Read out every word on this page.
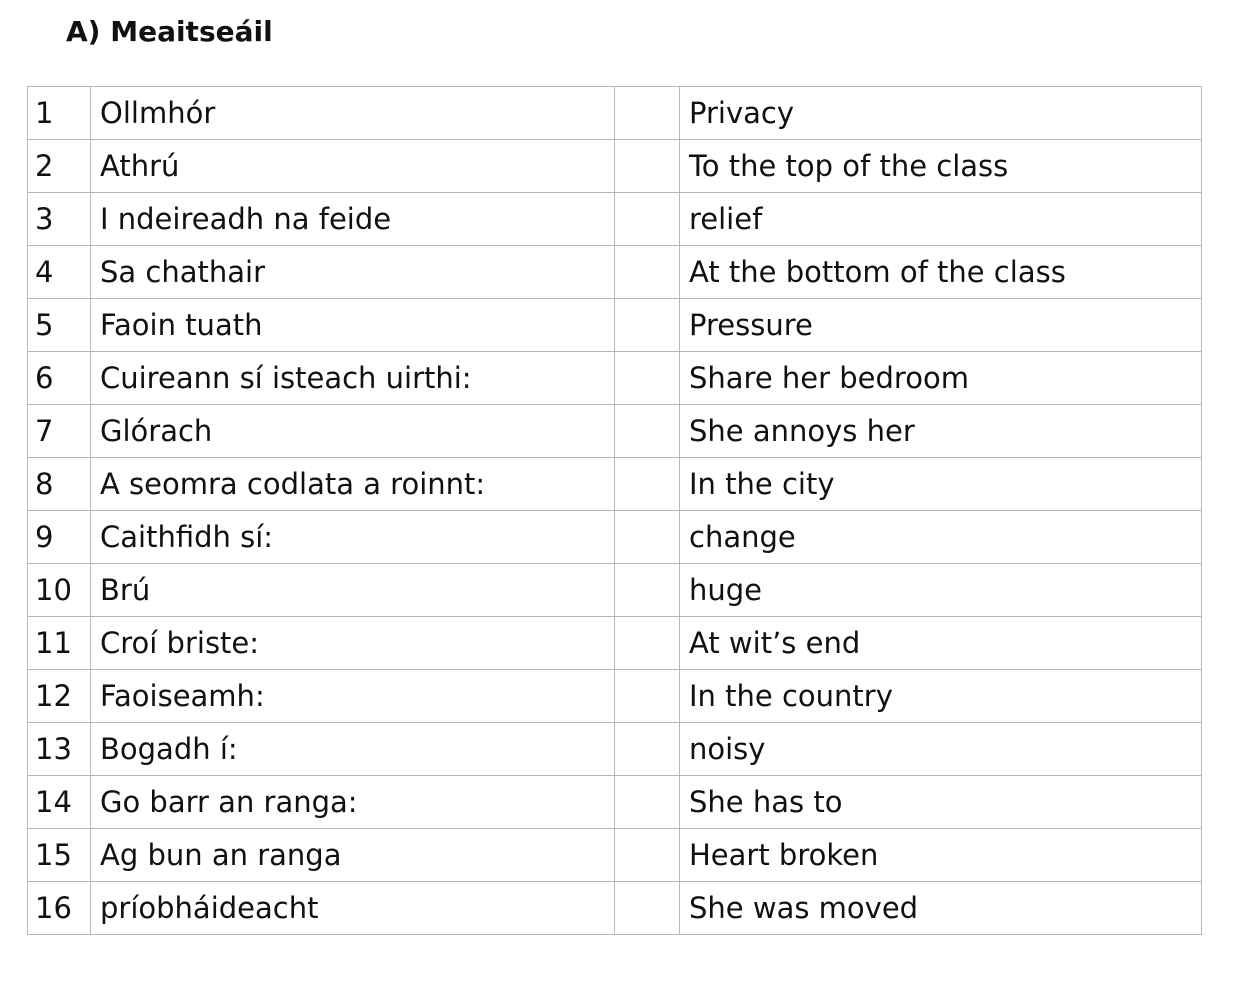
A) Meaitseáil
1	Ollmhór		Privacy
2	Athrú		To the top of the class
3	I ndeireadh na feide		relief
4	Sa chathair		At the bottom of the class
5	Faoin tuath		Pressure
6	Cuireann sí isteach uirthi:		Share her bedroom
7	Glórach		She annoys her
8	A seomra codlata a roinnt:		In the city
9	Caithfidh sí:		change
10	Brú		huge
11	Croí briste:		At wit’s end
12	Faoiseamh:		In the country
13	Bogadh í:		noisy
14	Go barr an ranga:		She has to
15	Ag bun an ranga		Heart broken
16	príobháideacht		She was moved
